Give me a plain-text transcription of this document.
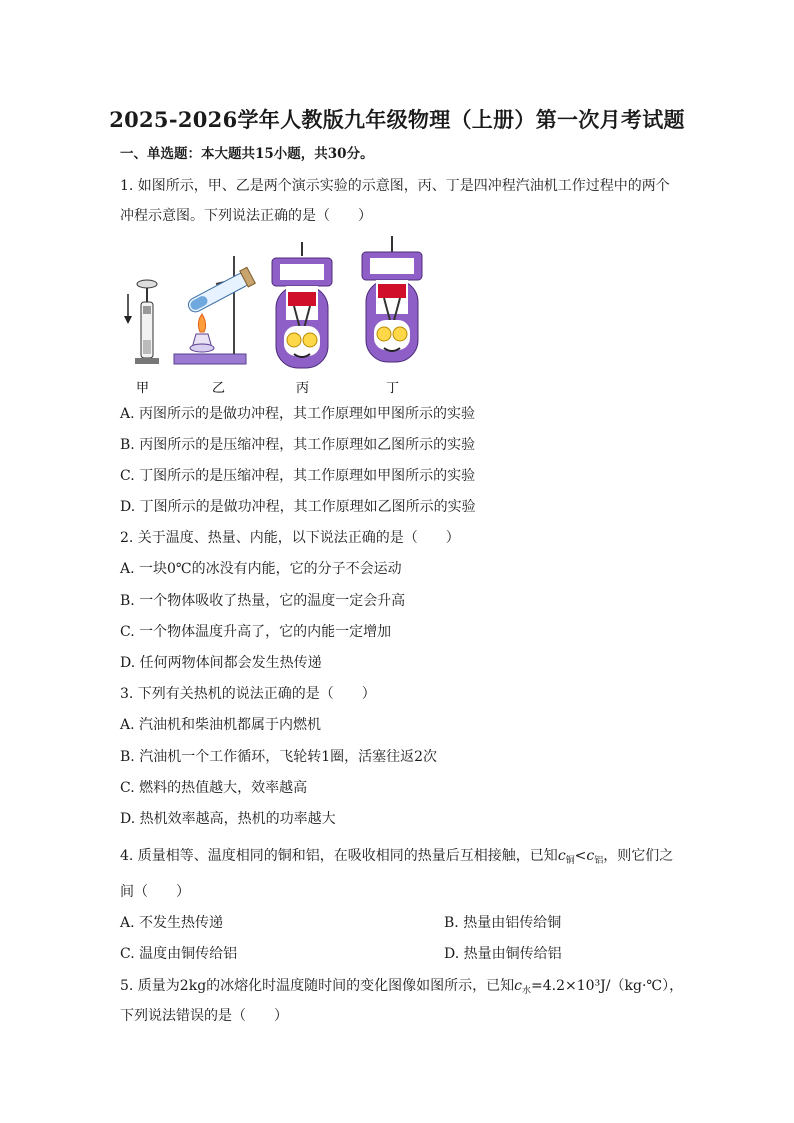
2025-2026学年人教版九年级物理（上册）第一次月考试题
一、单选题：本大题共15小题，共30分。
1. 如图所示，甲、乙是两个演示实验的示意图，丙、丁是四冲程汽油机工作过程中的两个
冲程示意图。下列说法正确的是（　　）
甲	乙	丙	丁
A. 丙图所示的是做功冲程，其工作原理如甲图所示的实验
B. 丙图所示的是压缩冲程，其工作原理如乙图所示的实验
C. 丁图所示的是压缩冲程，其工作原理如甲图所示的实验
D. 丁图所示的是做功冲程，其工作原理如乙图所示的实验
2. 关于温度、热量、内能，以下说法正确的是（　　）
A. 一块0℃的冰没有内能，它的分子不会运动
B. 一个物体吸收了热量，它的温度一定会升高
C. 一个物体温度升高了，它的内能一定增加
D. 任何两物体间都会发生热传递
3. 下列有关热机的说法正确的是（　　）
A. 汽油机和柴油机都属于内燃机
B. 汽油机一个工作循环，飞轮转1圈，活塞往返2次
C. 燃料的热值越大，效率越高
D. 热机效率越高，热机的功率越大
4. 质量相等、温度相同的铜和铝，在吸收相同的热量后互相接触，已知$c_铜<c_铝$，则它们之
间（　　）
A. 不发生热传递	B. 热量由铝传给铜
C. 温度由铜传给铝	D. 热量由铜传给铝
5. 质量为2kg的冰熔化时温度随时间的变化图像如图所示，已知$c_水=4.2\times 10^3J/(kg\cdot℃)$，
下列说法错误的是（　　）
